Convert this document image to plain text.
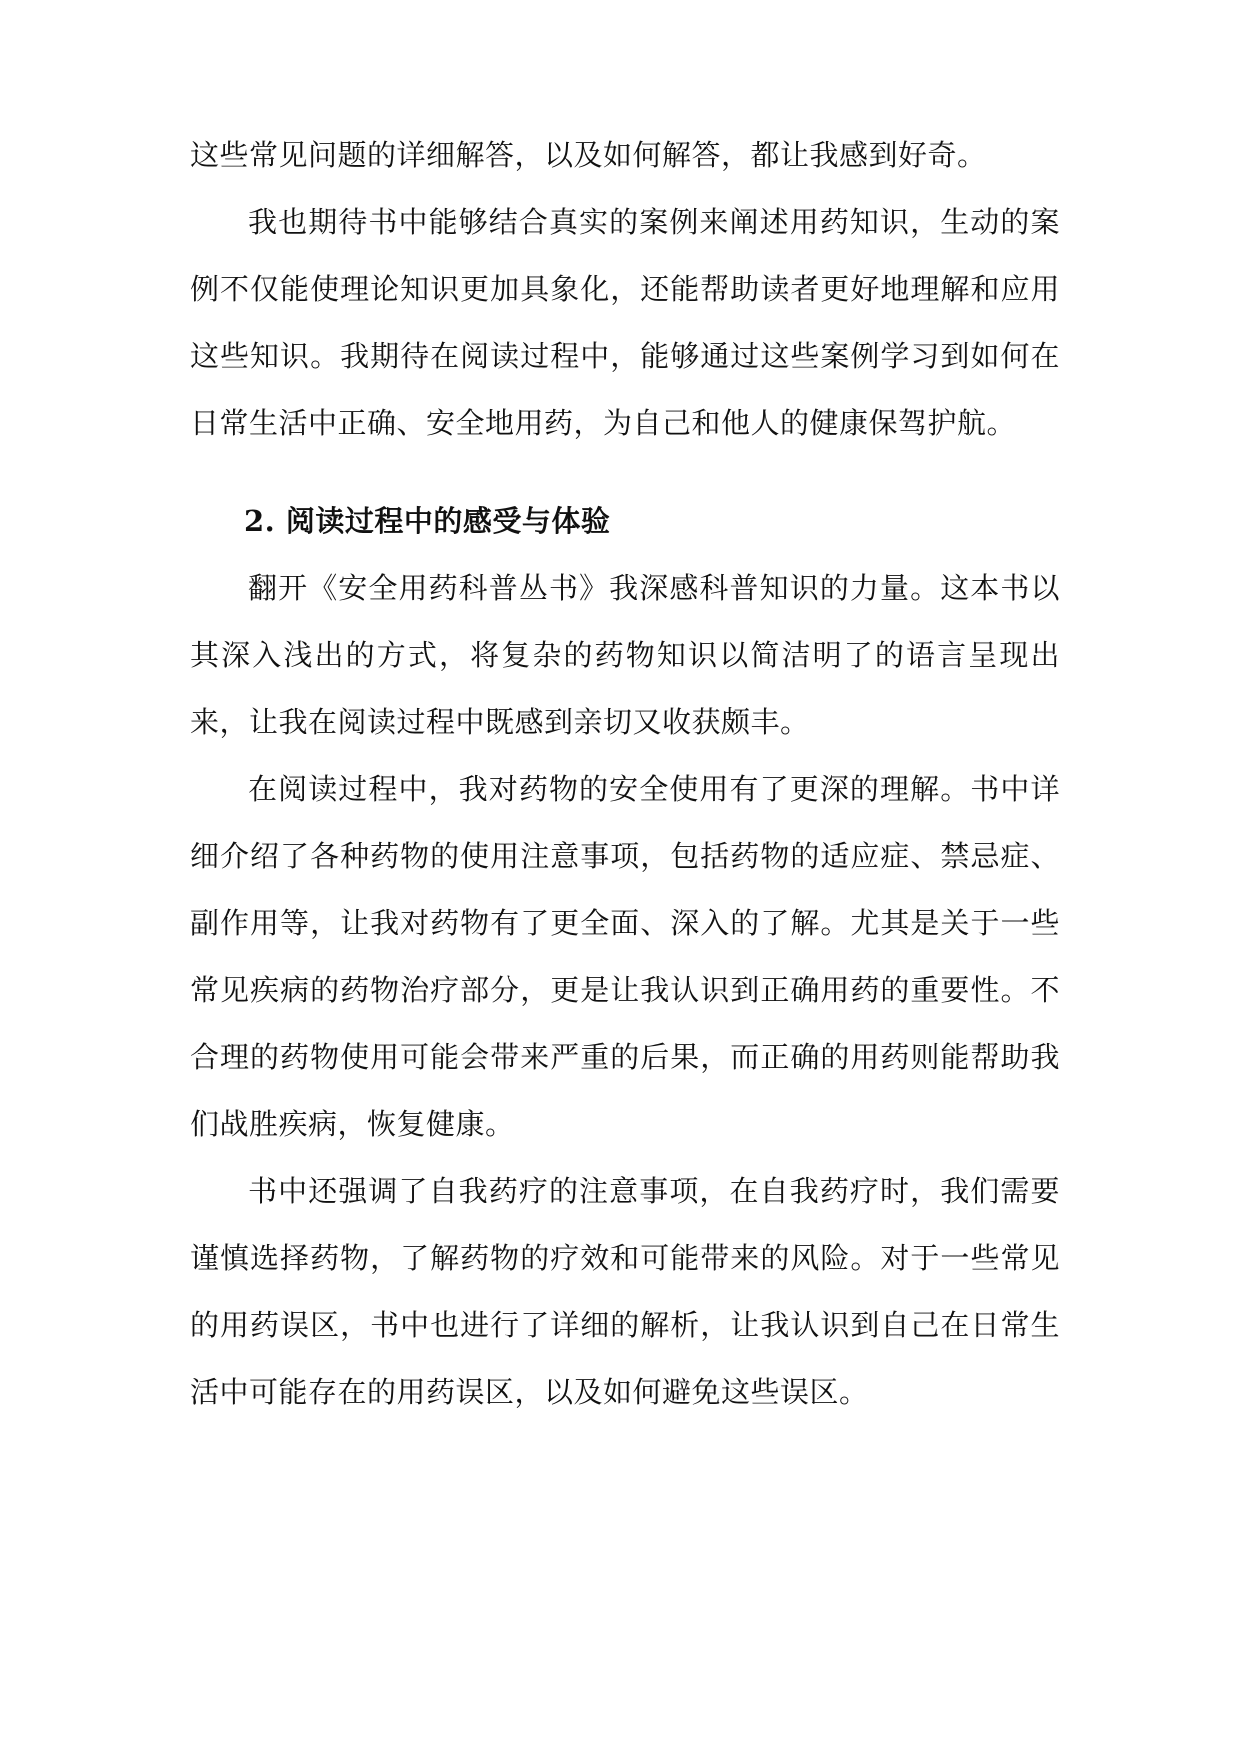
这些常见问题的详细解答，以及如何解答，都让我感到好奇。

我也期待书中能够结合真实的案例来阐述用药知识，生动的案例不仅能使理论知识更加具象化，还能帮助读者更好地理解和应用这些知识。我期待在阅读过程中，能够通过这些案例学习到如何在日常生活中正确、安全地用药，为自己和他人的健康保驾护航。

2. 阅读过程中的感受与体验

翻开《安全用药科普丛书》我深感科普知识的力量。这本书以其深入浅出的方式，将复杂的药物知识以简洁明了的语言呈现出来，让我在阅读过程中既感到亲切又收获颇丰。

在阅读过程中，我对药物的安全使用有了更深的理解。书中详细介绍了各种药物的使用注意事项，包括药物的适应症、禁忌症、副作用等，让我对药物有了更全面、深入的了解。尤其是关于一些常见疾病的药物治疗部分，更是让我认识到正确用药的重要性。不合理的药物使用可能会带来严重的后果，而正确的用药则能帮助我们战胜疾病，恢复健康。

书中还强调了自我药疗的注意事项，在自我药疗时，我们需要谨慎选择药物，了解药物的疗效和可能带来的风险。对于一些常见的用药误区，书中也进行了详细的解析，让我认识到自己在日常生活中可能存在的用药误区，以及如何避免这些误区。
